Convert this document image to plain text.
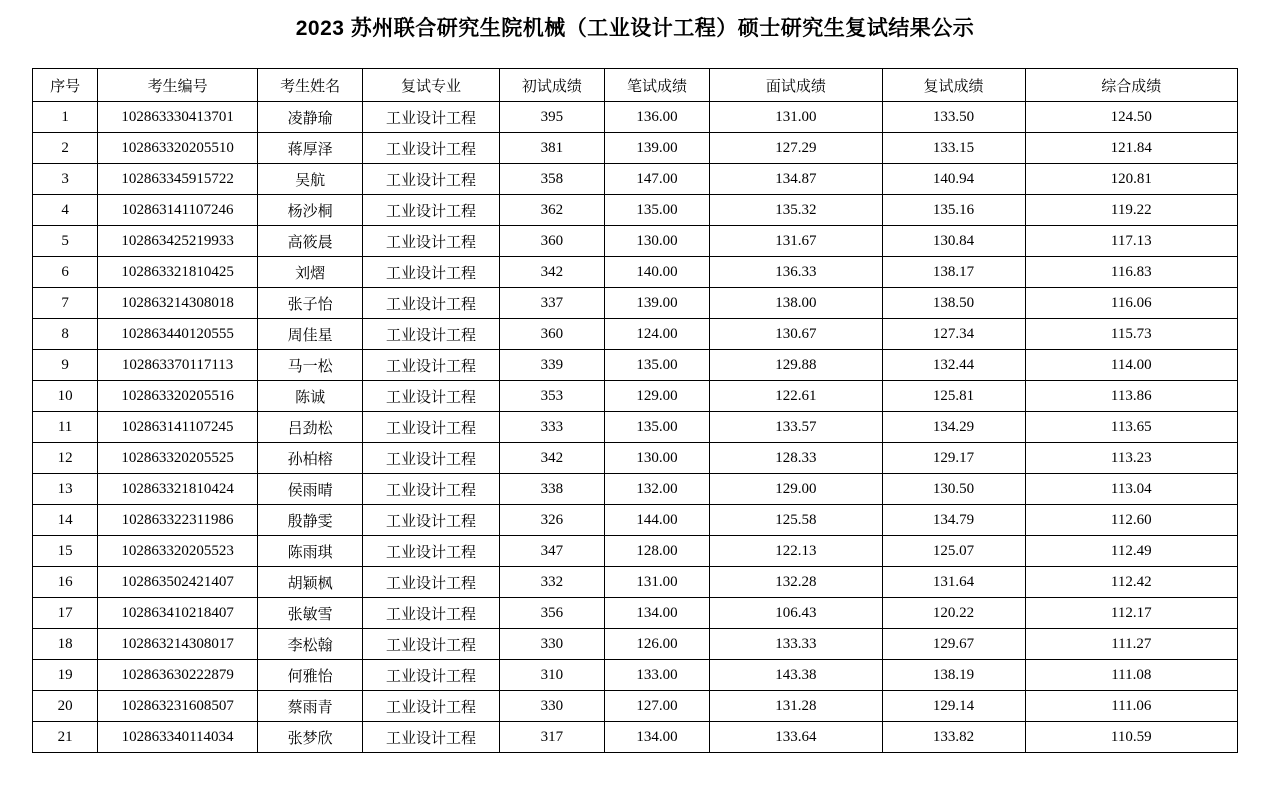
2023 苏州联合研究生院机械（工业设计工程）硕士研究生复试结果公示
序号	考生编号	考生姓名	复试专业	初试成绩	笔试成绩	面试成绩	复试成绩	综合成绩
1	102863330413701	凌静瑜	工业设计工程	395	136.00	131.00	133.50	124.50
2	102863320205510	蒋厚泽	工业设计工程	381	139.00	127.29	133.15	121.84
3	102863345915722	吴航	工业设计工程	358	147.00	134.87	140.94	120.81
4	102863141107246	杨沙桐	工业设计工程	362	135.00	135.32	135.16	119.22
5	102863425219933	高筱晨	工业设计工程	360	130.00	131.67	130.84	117.13
6	102863321810425	刘熠	工业设计工程	342	140.00	136.33	138.17	116.83
7	102863214308018	张子怡	工业设计工程	337	139.00	138.00	138.50	116.06
8	102863440120555	周佳星	工业设计工程	360	124.00	130.67	127.34	115.73
9	102863370117113	马一松	工业设计工程	339	135.00	129.88	132.44	114.00
10	102863320205516	陈诚	工业设计工程	353	129.00	122.61	125.81	113.86
11	102863141107245	吕劲松	工业设计工程	333	135.00	133.57	134.29	113.65
12	102863320205525	孙柏榕	工业设计工程	342	130.00	128.33	129.17	113.23
13	102863321810424	侯雨晴	工业设计工程	338	132.00	129.00	130.50	113.04
14	102863322311986	殷静雯	工业设计工程	326	144.00	125.58	134.79	112.60
15	102863320205523	陈雨琪	工业设计工程	347	128.00	122.13	125.07	112.49
16	102863502421407	胡颖枫	工业设计工程	332	131.00	132.28	131.64	112.42
17	102863410218407	张敏雪	工业设计工程	356	134.00	106.43	120.22	112.17
18	102863214308017	李松翰	工业设计工程	330	126.00	133.33	129.67	111.27
19	102863630222879	何雅怡	工业设计工程	310	133.00	143.38	138.19	111.08
20	102863231608507	蔡雨青	工业设计工程	330	127.00	131.28	129.14	111.06
21	102863340114034	张梦欣	工业设计工程	317	134.00	133.64	133.82	110.59
